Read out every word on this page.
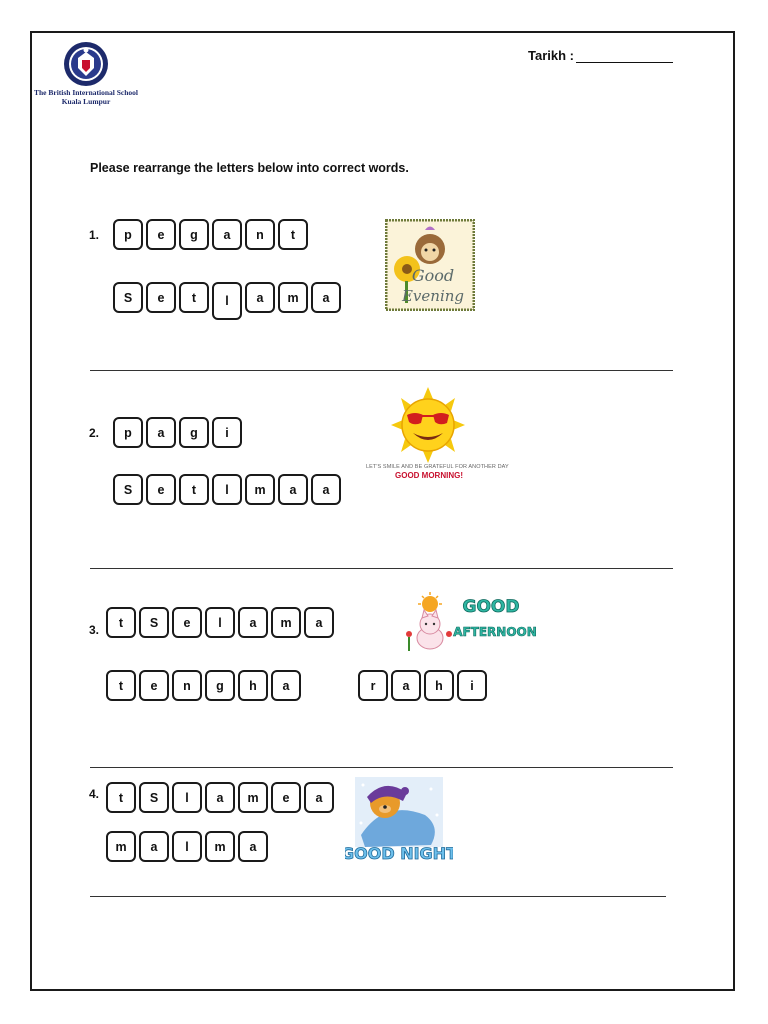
The British International School
Kuala Lumpur
Tarikh :
Please rearrange the letters below into correct words.
1.	p	e	g	a	n	t
S	e	t	l	a	m	a
Good
Evening
2.	p	a	g	i
S	e	t	l	m	a	a
LET'S SMILE AND BE GRATEFUL FOR ANOTHER DAY
GOOD MORNING!
3.
t	S	e	l	a	m	a
t	e	n	g	h	a	r	a	h	i
GOOD
AFTERNOON
4.	t	S	l	a	m	e	a
m	a	l	m	a	GOOD NIGHT
